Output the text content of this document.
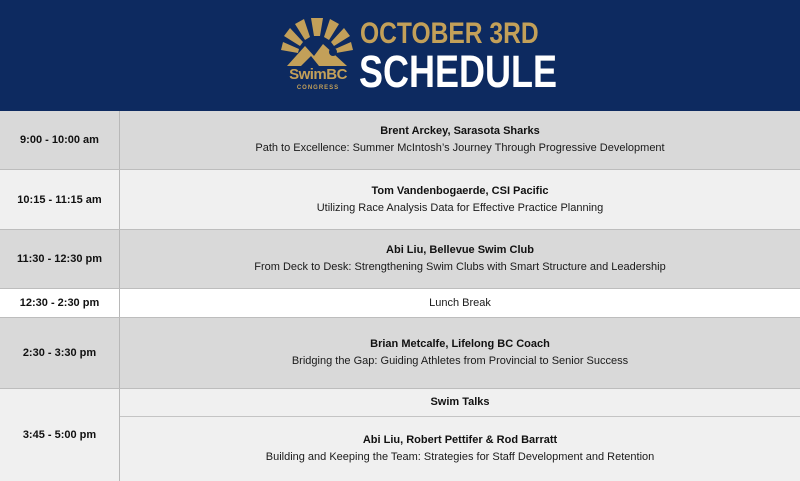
SwimBC
CONGRESS
OCTOBER 3RD
SCHEDULE
9:00 - 10:00 am
Brent Arckey, Sarasota Sharks
Path to Excellence: Summer McIntosh’s Journey Through Progressive Development
10:15 - 11:15 am
Tom Vandenbogaerde, CSI Pacific
Utilizing Race Analysis Data for Effective Practice Planning
11:30 - 12:30 pm
Abi Liu, Bellevue Swim Club
From Deck to Desk: Strengthening Swim Clubs with Smart Structure and Leadership
12:30 - 2:30 pm	Lunch Break
2:30 - 3:30 pm
Brian Metcalfe, Lifelong BC Coach
Bridging the Gap: Guiding Athletes from Provincial to Senior Success
3:45 - 5:00 pm
Swim Talks
Abi Liu, Robert Pettifer & Rod Barratt
Building and Keeping the Team: Strategies for Staff Development and Retention
